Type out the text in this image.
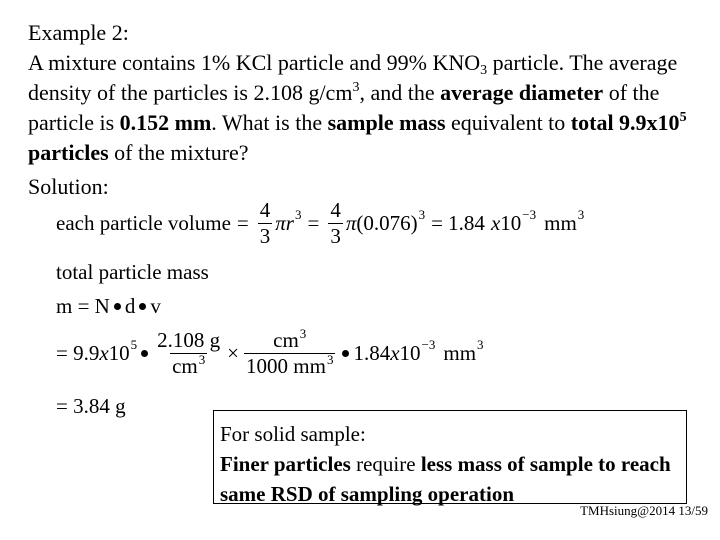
Example 2:
A mixture contains 1% KCl particle and 99% $KNO_3$ particle. The average density of the particles is 2.108 $g/cm^3$, and the average diameter of the particle is 0.152 mm. What is the sample mass equivalent to total $9.9x10^5$ particles of the mixture?
Solution:
each particle volume = $\frac{4}{3}$ πr $3 = \frac{4}{3}$ π (0.076) 3 = 1.84 x 10 −3 mm 3
total particle mass
m = N d v
= 9.9 x 10 $5 \frac{2.108 g}{cm^3} \times \frac{cm^3}{1000 mm^3} 1.84$ x 10 −3 mm 3
= 3.84 g
For solid sample:
Finer particles require less mass of sample to reach same RSD of sampling operation
TMHsiung@2014 13/59
